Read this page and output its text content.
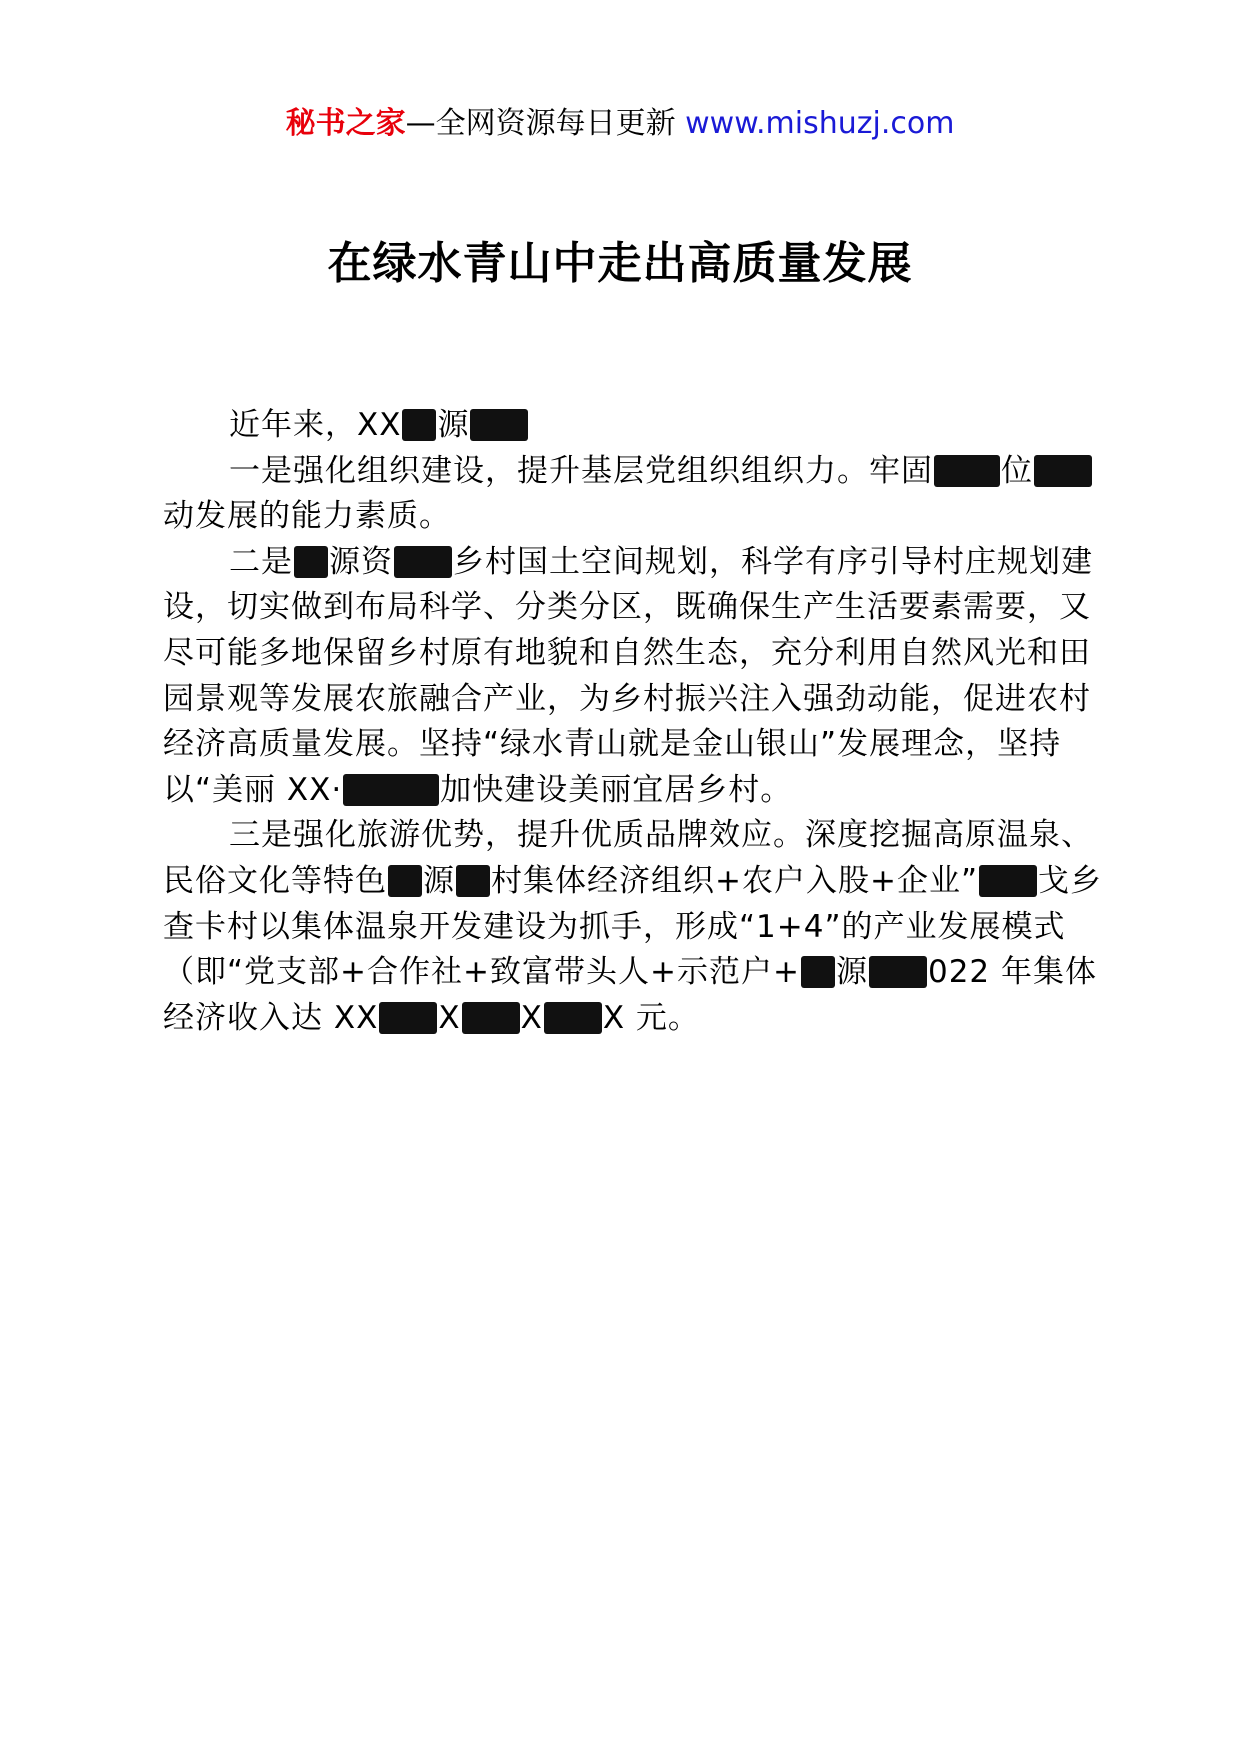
秘书之家—全网资源每日更新 www.mishuzj.com
在绿水青山中走出高质量发展

近年来，XX 源

一是强化组织建设，提升基层党组织组织力。牢固 位动发展的能力素质。

二是 源资 乡村国土空间规划，科学有序引导村庄规划建设，切实做到布局科学、分类分区，既确保生产生活要素需要，又尽可能多地保留乡村原有地貌和自然生态，充分利用自然风光和田园景观等发展农旅融合产业，为乡村振兴注入强劲动能，促进农村经济高质量发展。坚持“绿水青山就是金山银山”发展理念，坚持以“美丽 XX·	加快建设美丽宜居乡村。

三是强化旅游优势，提升优质品牌效应。深度挖掘高原温泉、民俗文化等特色 源 村集体经济组织+农户入股+企业” 戈乡查卡村以集体温泉开发建设为抓手，形成“1+4”的产业发展模式（即“党支部+合作社+致富带头人+示范户+ 源 022 年集体经济收入达 XX X X X 元。
